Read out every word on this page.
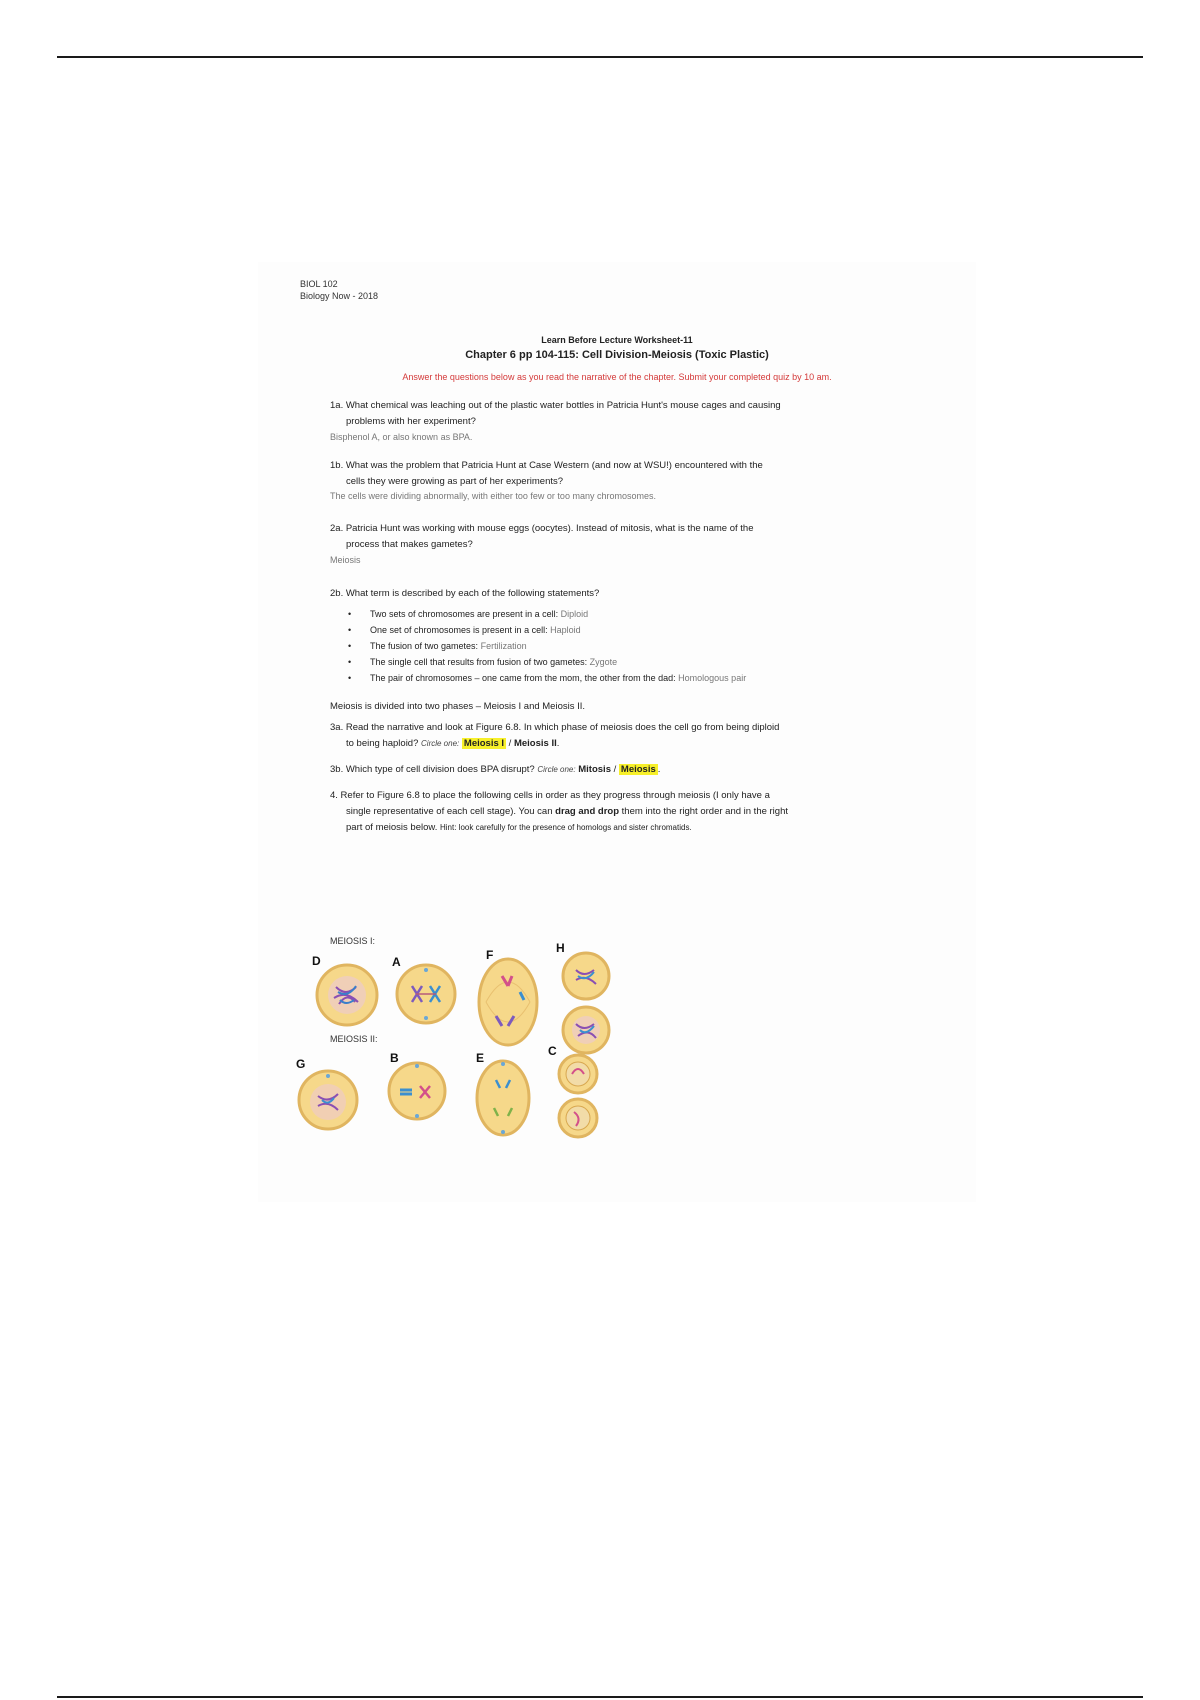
BIOL 102
Biology Now - 2018
Learn Before Lecture Worksheet-11
Chapter 6 pp 104-115: Cell Division-Meiosis (Toxic Plastic)
Answer the questions below as you read the narrative of the chapter. Submit your completed quiz by 10 am.
1a. What chemical was leaching out of the plastic water bottles in Patricia Hunt's mouse cages and causing
problems with her experiment?
Bisphenol A, or also known as BPA.
1b. What was the problem that Patricia Hunt at Case Western (and now at WSU!) encountered with the
cells they were growing as part of her experiments?
The cells were dividing abnormally, with either too few or too many chromosomes.
2a. Patricia Hunt was working with mouse eggs (oocytes). Instead of mitosis, what is the name of the
process that makes gametes?
Meiosis
2b. What term is described by each of the following statements?
• Two sets of chromosomes are present in a cell: Diploid
• One set of chromosomes is present in a cell: Haploid
• The fusion of two gametes: Fertilization
• The single cell that results from fusion of two gametes: Zygote
• The pair of chromosomes – one came from the mom, the other from the dad: Homologous pair
Meiosis is divided into two phases – Meiosis I and Meiosis II.
3a. Read the narrative and look at Figure 6.8. In which phase of meiosis does the cell go from being diploid
to being haploid? Circle one: Meiosis I / Meiosis II.
3b. Which type of cell division does BPA disrupt? Circle one: Mitosis / Meiosis .
4. Refer to Figure 6.8 to place the following cells in order as they progress through meiosis (I only have a
single representative of each cell stage). You can drag and drop them into the right order and in the right
part of meiosis below. Hint: look carefully for the presence of homologs and sister chromatids.
MEIOSIS I:
MEIOSIS II:
D	A	F	H
G	B	E	C
